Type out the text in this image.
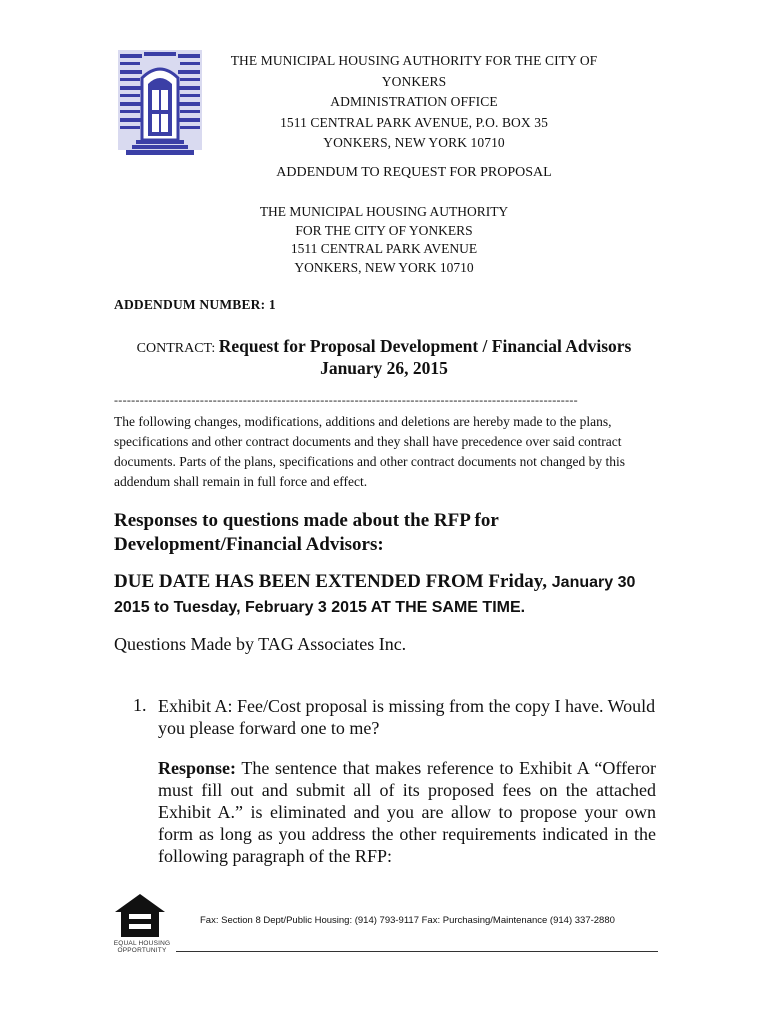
THE MUNICIPAL HOUSING AUTHORITY FOR THE CITY OF YONKERS
ADMINISTRATION OFFICE
1511 CENTRAL PARK AVENUE, P.O. BOX 35
YONKERS, NEW YORK 10710
ADDENDUM TO REQUEST FOR PROPOSAL
THE MUNICIPAL HOUSING AUTHORITY
FOR THE CITY OF YONKERS
1511 CENTRAL PARK AVENUE
YONKERS, NEW YORK 10710
ADDENDUM NUMBER: 1
CONTRACT: Request for Proposal Development / Financial Advisors
January 26, 2015
------------------------------------------------------------------------------------------------------------
The following changes, modifications, additions and deletions are hereby made to the plans, specifications and other contract documents and they shall have precedence over said contract documents. Parts of the plans, specifications and other contract documents not changed by this addendum shall remain in full force and effect.
Responses to questions made about the RFP for Development/Financial Advisors:
DUE DATE HAS BEEN EXTENDED FROM Friday, January 30 2015 to Tuesday, February 3 2015 AT THE SAME TIME.
Questions Made by TAG Associates Inc.
1. Exhibit A: Fee/Cost proposal is missing from the copy I have. Would you please forward one to me?
Response: The sentence that makes reference to Exhibit A “Offeror must fill out and submit all of its proposed fees on the attached Exhibit A.” is eliminated and you are allow to propose your own form as long as you address the other requirements indicated in the following paragraph of the RFP:
EQUAL HOUSING OPPORTUNITY
Fax: Section 8 Dept/Public Housing: (914) 793-9117 Fax: Purchasing/Maintenance (914) 337-2880
